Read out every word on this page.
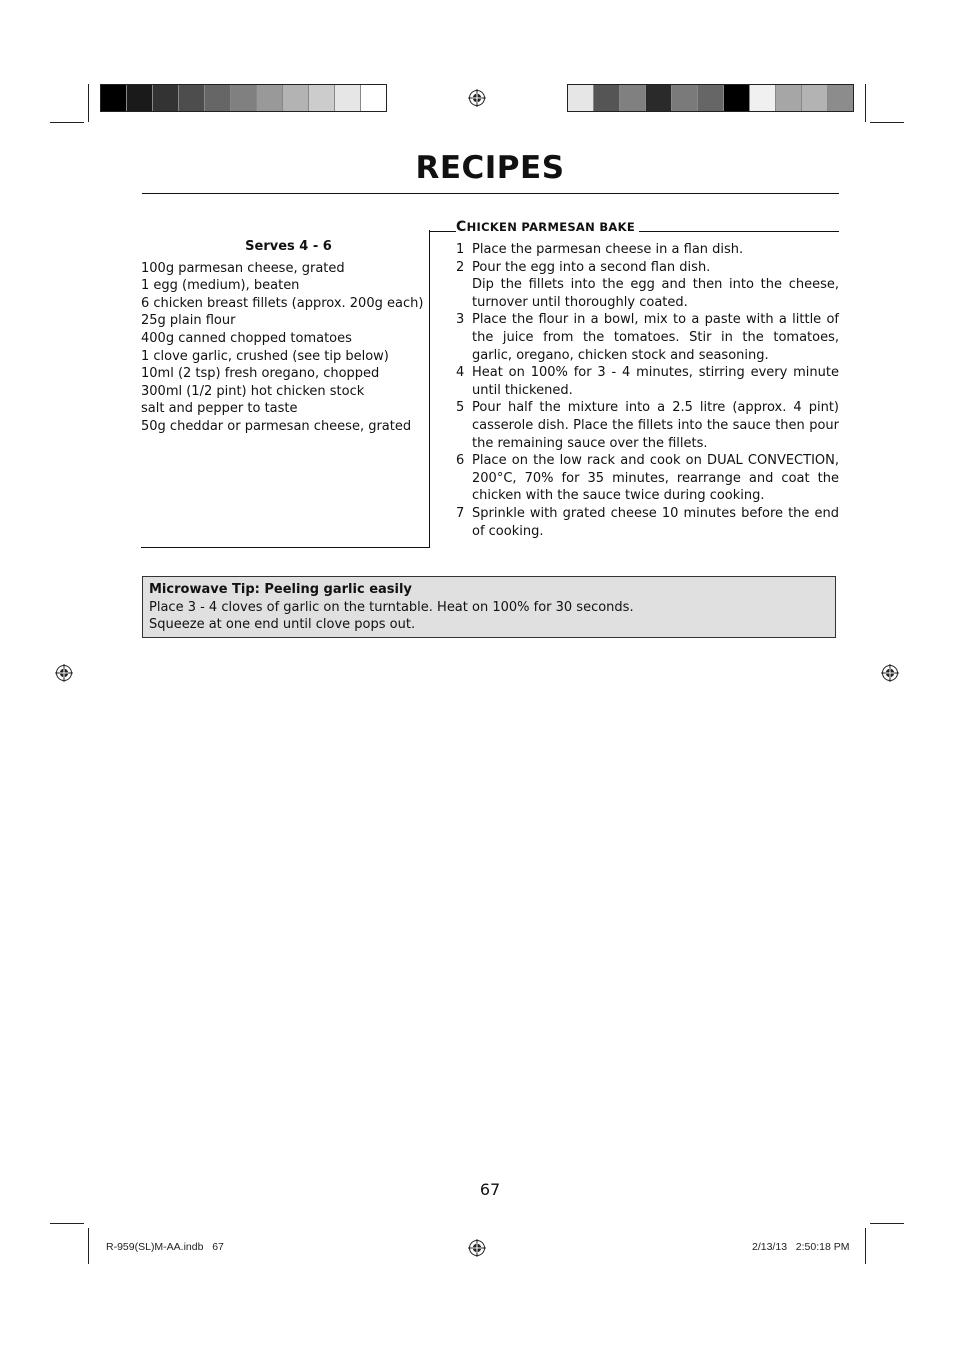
RECIPES
Serves 4 - 6
100g parmesan cheese, grated
1 egg (medium), beaten
6 chicken breast fillets (approx. 200g each)
25g plain flour
400g canned chopped tomatoes
1 clove garlic, crushed (see tip below)
10ml (2 tsp) fresh oregano, chopped
300ml (1/2 pint) hot chicken stock
salt and pepper to taste
50g cheddar or parmesan cheese, grated
CHICKEN PARMESAN BAKE
1 Place the parmesan cheese in a flan dish.

2 Pour the egg into a second flan dish.

Dip the fillets into the egg and then into the cheese, turnover until thoroughly coated.

3 Place the flour in a bowl, mix to a paste with a little of the juice from the tomatoes. Stir in the tomatoes, garlic, oregano, chicken stock and seasoning.

4 Heat on 100% for 3 - 4 minutes, stirring every minute until thickened.

5 Pour half the mixture into a 2.5 litre (approx. 4 pint) casserole dish. Place the fillets into the sauce then pour the remaining sauce over the fillets.

6 Place on the low rack and cook on DUAL CONVECTION, 200°C, 70% for 35 minutes, rearrange and coat the chicken with the sauce twice during cooking.

7 Sprinkle with grated cheese 10 minutes before the end of cooking.

Microwave Tip: Peeling garlic easily
Place 3 - 4 cloves of garlic on the turntable. Heat on 100% for 30 seconds.
Squeeze at one end until clove pops out.
67
R-959(SL)M-AA.indb   67	2/13/13   2:50:18 PM
